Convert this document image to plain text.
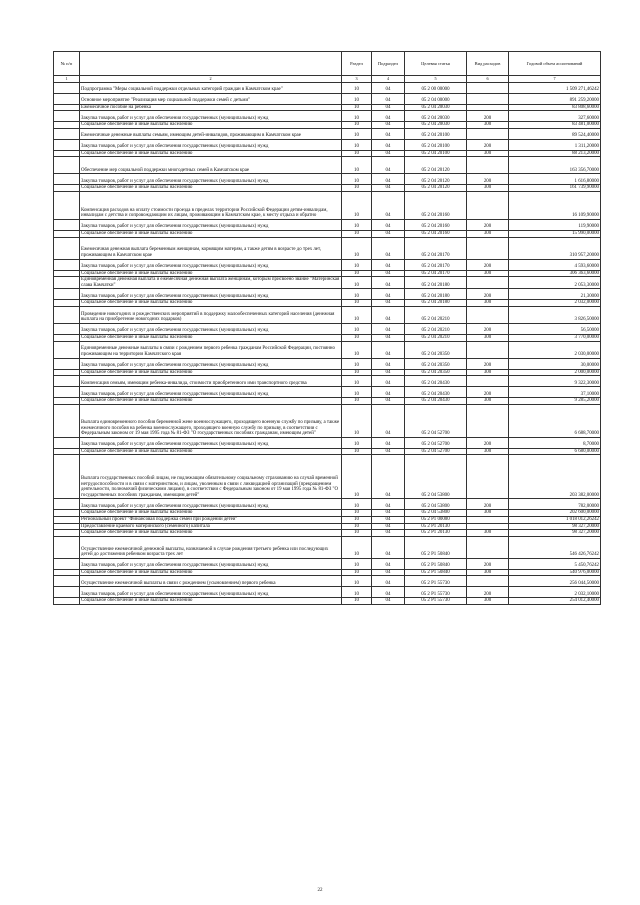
№ п/п		Раздел	Подраздел	Целевая статья	Вид расходов	Годовой объем ассигнований
1	2	3	4	5	6	7
	Подпрограмма "Меры социальной поддержки отдельных категорий граждан в Камчатском крае"	10	04	05 2 00 00000		1 509 271,46242
	Основное мероприятие "Реализация мер социальной поддержки семей с детьми"	10	04	05 2 04 00000		891 259,20000
	Ежемесячное пособие на ребенка	10	04	05 2 04 20030		83 808,60000
	Закупка товаров, работ и услуг для обеспечения государственных (муниципальных) нужд	10	04	05 2 04 20030	200	327,60000
	Социальное обеспечение и иные выплаты населению	10	04	05 2 04 20030	300	83 481,00000
	Ежемесячные денежные выплаты семьям, имеющим детей-инвалидов, проживающим в Камчатском крае	10	04	05 2 04 20100		89 524,40000
	Закупка товаров, работ и услуг для обеспечения государственных (муниципальных) нужд	10	04	05 2 04 20100	200	1 311,20000
	Социальное обеспечение и иные выплаты населению	10	04	05 2 04 20100	300	88 213,20000
	Обеспечение мер социальной поддержки многодетных семей в Камчатском крае	10	04	05 2 04 20120		163 356,70000
	Закупка товаров, работ и услуг для обеспечения государственных (муниципальных) нужд	10	04	05 2 04 20120	200	1 616,80000
	Социальное обеспечение и иные выплаты населению	10	04	05 2 04 20120	300	161 739,90000
	Компенсация расходов на оплату стоимости проезда в пределах территории Российской Федерации детям-инвалидам, инвалидам с детства и сопровождающим их лицам, проживающим в Камчатском крае, к месту отдыха и обратно	10	04	05 2 04 20160		16 109,90000
	Закупка товаров, работ и услуг для обеспечения государственных (муниципальных) нужд	10	04	05 2 04 20160	200	119,90000
	Социальное обеспечение и иные выплаты населению	10	04	05 2 04 20160	300	15 990,00000
	Ежемесячная денежная выплата беременным женщинам, кормящим матерям, а также детям в возрасте до трех лет, проживающим в Камчатском крае	10	04	05 2 04 20170		310 957,20000
	Закупка товаров, работ и услуг для обеспечения государственных (муниципальных) нужд	10	04	05 2 04 20170	200	4 593,60000
	Социальное обеспечение и иные выплаты населению	10	04	05 2 04 20170	300	306 363,60000
	Единовременная денежная выплата и ежемесячная денежная выплата женщинам, которым присвоено звание "Материнская слава Камчатки"	10	04	05 2 04 20180		2 053,30000
	Закупка товаров, работ и услуг для обеспечения государственных (муниципальных) нужд	10	04	05 2 04 20180	200	21,30000
	Социальное обеспечение и иные выплаты населению	10	04	05 2 04 20180	300	2 032,00000
	Проведение новогодних и рождественских мероприятий в поддержку малообеспеченных категорий населения (денежная выплата на приобретение новогодних подарков)	10	04	05 2 04 20210		3 826,50000
	Закупка товаров, работ и услуг для обеспечения государственных (муниципальных) нужд	10	04	05 2 04 20210	200	56,50000
	Социальное обеспечение и иные выплаты населению	10	04	05 2 04 20210	300	3 770,00000
	Единовременные денежные выплаты в связи с рождением первого ребенка гражданам Российской Федерации, постоянно проживающим на территории Камчатского края	10	04	05 2 04 20350		2 030,00000
	Закупка товаров, работ и услуг для обеспечения государственных (муниципальных) нужд	10	04	05 2 04 20350	200	30,00000
	Социальное обеспечение и иные выплаты населению	10	04	05 2 04 20350	300	2 000,00000
	Компенсация семьям, имеющим ребенка-инвалида, стоимости приобретенного ими транспортного средства	10	04	05 2 04 20430		9 322,30000
	Закупка товаров, работ и услуг для обеспечения государственных (муниципальных) нужд	10	04	05 2 04 20430	200	37,10000
	Социальное обеспечение и иные выплаты населению	10	04	05 2 04 20430	300	9 285,20000
	Выплата единовременного пособия беременной жене военнослужащего, проходящего военную службу по призыву, а также ежемесячного пособия на ребенка военнослужащего, проходящего военную службу по призыву, в соответствии с Федеральным законом от 19 мая 1995 года № 81-ФЗ "О государственных пособиях гражданам, имеющим детей"	10	04	05 2 04 52700		6 688,70000
	Закупка товаров, работ и услуг для обеспечения государственных (муниципальных) нужд	10	04	05 2 04 52700	200	8,70000
	Социальное обеспечение и иные выплаты населению	10	04	05 2 04 52700	300	6 680,00000
	Выплата государственных пособий лицам, не подлежащим обязательному социальному страхованию на случай временной нетрудоспособности и в связи с материнством, и лицам, уволенным в связи с ликвидацией организаций (прекращением деятельности, полномочий физическими лицами), в соответствии с Федеральным законом от 19 мая 1995 года № 81-ФЗ "О государственных пособиях гражданам, имеющим детей"	10	04	05 2 04 53800		203 382,00000
	Закупка товаров, работ и услуг для обеспечения государственных (муниципальных) нужд	10	04	05 2 04 53800	200	782,00000
	Социальное обеспечение и иные выплаты населению	10	04	05 2 04 53800	300	202 600,00000
	Региональный проект "Финансовая поддержка семей при рождении детей"	10	04	05 2 P1 00000		1 018 012,26242
	Предоставление краевого материнского (семейного) капитала	10	04	05 2 P1 20130		98 327,20000
	Социальное обеспечение и иные выплаты населению	10	04	05 2 P1 20130	300	98 327,20000
	Осуществление ежемесячной денежной выплаты, назначаемой в случае рождения третьего ребенка или последующих детей до достижения ребенком возраста трех лет	10	04	05 2 P1 50840		546 426,76242
	Закупка товаров, работ и услуг для обеспечения государственных (муниципальных) нужд	10	04	05 2 P1 50840	200	5 450,76242
	Социальное обеспечение и иные выплаты населению	10	04	05 2 P1 50840	300	540 976,00000
	Осуществление ежемесячной выплаты в связи с рождением (усыновлением) первого ребенка	10	04	05 2 P1 55730		256 044,50000
	Закупка товаров, работ и услуг для обеспечения государственных (муниципальных) нужд	10	04	05 2 P1 55730	200	2 032,10000
	Социальное обеспечение и иные выплаты населению	10	04	05 2 P1 55730	300	254 012,40000
22
